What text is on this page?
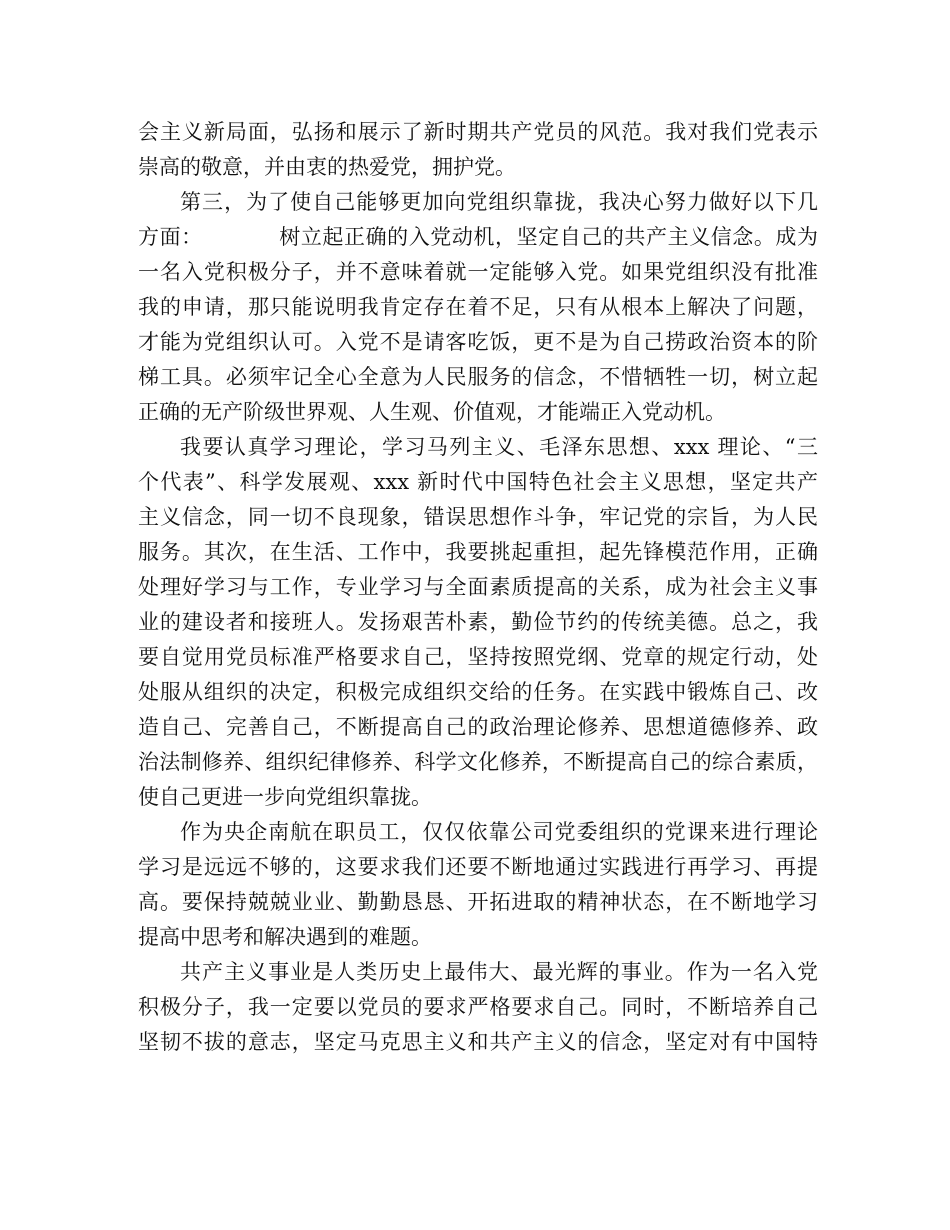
会主义新局面，弘扬和展示了新时期共产党员的风范。我对我们党表示
崇高的敬意，并由衷的热爱党，拥护党。
第三，为了使自己能够更加向党组织靠拢，我决心努力做好以下几
方面：	树立起正确的入党动机，坚定自己的共产主义信念。成为
一名入党积极分子，并不意味着就一定能够入党。如果党组织没有批准
我的申请，那只能说明我肯定存在着不足，只有从根本上解决了问题，
才能为党组织认可。入党不是请客吃饭，更不是为自己捞政治资本的阶
梯工具。必须牢记全心全意为人民服务的信念，不惜牺牲一切，树立起
正确的无产阶级世界观、人生观、价值观，才能端正入党动机。
我要认真学习理论，学习马列主义、毛泽东思想、xxx 理论、“三
个代表”、科学发展观、xxx 新时代中国特色社会主义思想，坚定共产
主义信念，同一切不良现象，错误思想作斗争，牢记党的宗旨，为人民
服务。其次，在生活、工作中，我要挑起重担，起先锋模范作用，正确
处理好学习与工作，专业学习与全面素质提高的关系，成为社会主义事
业的建设者和接班人。发扬艰苦朴素，勤俭节约的传统美德。总之，我
要自觉用党员标准严格要求自己，坚持按照党纲、党章的规定行动，处
处服从组织的决定，积极完成组织交给的任务。在实践中锻炼自己、改
造自己、完善自己，不断提高自己的政治理论修养、思想道德修养、政
治法制修养、组织纪律修养、科学文化修养，不断提高自己的综合素质，
使自己更进一步向党组织靠拢。
作为央企南航在职员工，仅仅依靠公司党委组织的党课来进行理论
学习是远远不够的，这要求我们还要不断地通过实践进行再学习、再提
高。要保持兢兢业业、勤勤恳恳、开拓进取的精神状态，在不断地学习
提高中思考和解决遇到的难题。
共产主义事业是人类历史上最伟大、最光辉的事业。作为一名入党
积极分子，我一定要以党员的要求严格要求自己。同时，不断培养自己
坚韧不拔的意志，坚定马克思主义和共产主义的信念，坚定对有中国特
